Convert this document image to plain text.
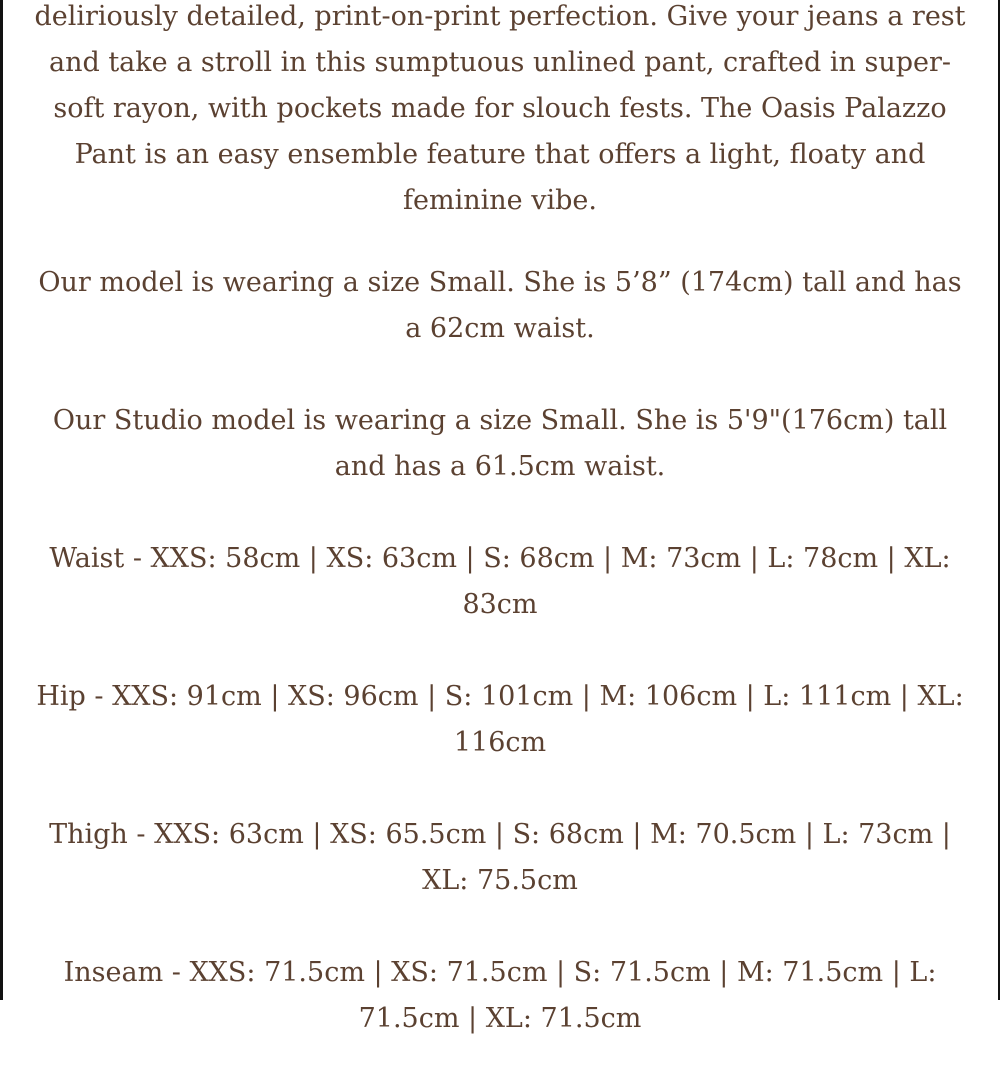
deliriously detailed, print-on-print perfection. Give your jeans a rest and take a stroll in this sumptuous unlined pant, crafted in super-soft rayon, with pockets made for slouch fests. The Oasis Palazzo Pant is an easy ensemble feature that offers a light, floaty and feminine vibe.

Our model is wearing a size Small. She is 5’8” (174cm) tall and has a 62cm waist.

Our Studio model is wearing a size Small. She is 5'9"(176cm) tall and has a 61.5cm waist.

Waist - XXS: 58cm | XS: 63cm | S: 68cm | M: 73cm | L: 78cm | XL: 83cm

Hip - XXS: 91cm | XS: 96cm | S: 101cm | M: 106cm | L: 111cm | XL: 116cm

Thigh - XXS: 63cm | XS: 65.5cm | S: 68cm | M: 70.5cm | L: 73cm | XL: 75.5cm

Inseam - XXS: 71.5cm | XS: 71.5cm | S: 71.5cm | M: 71.5cm | L: 71.5cm | XL: 71.5cm
